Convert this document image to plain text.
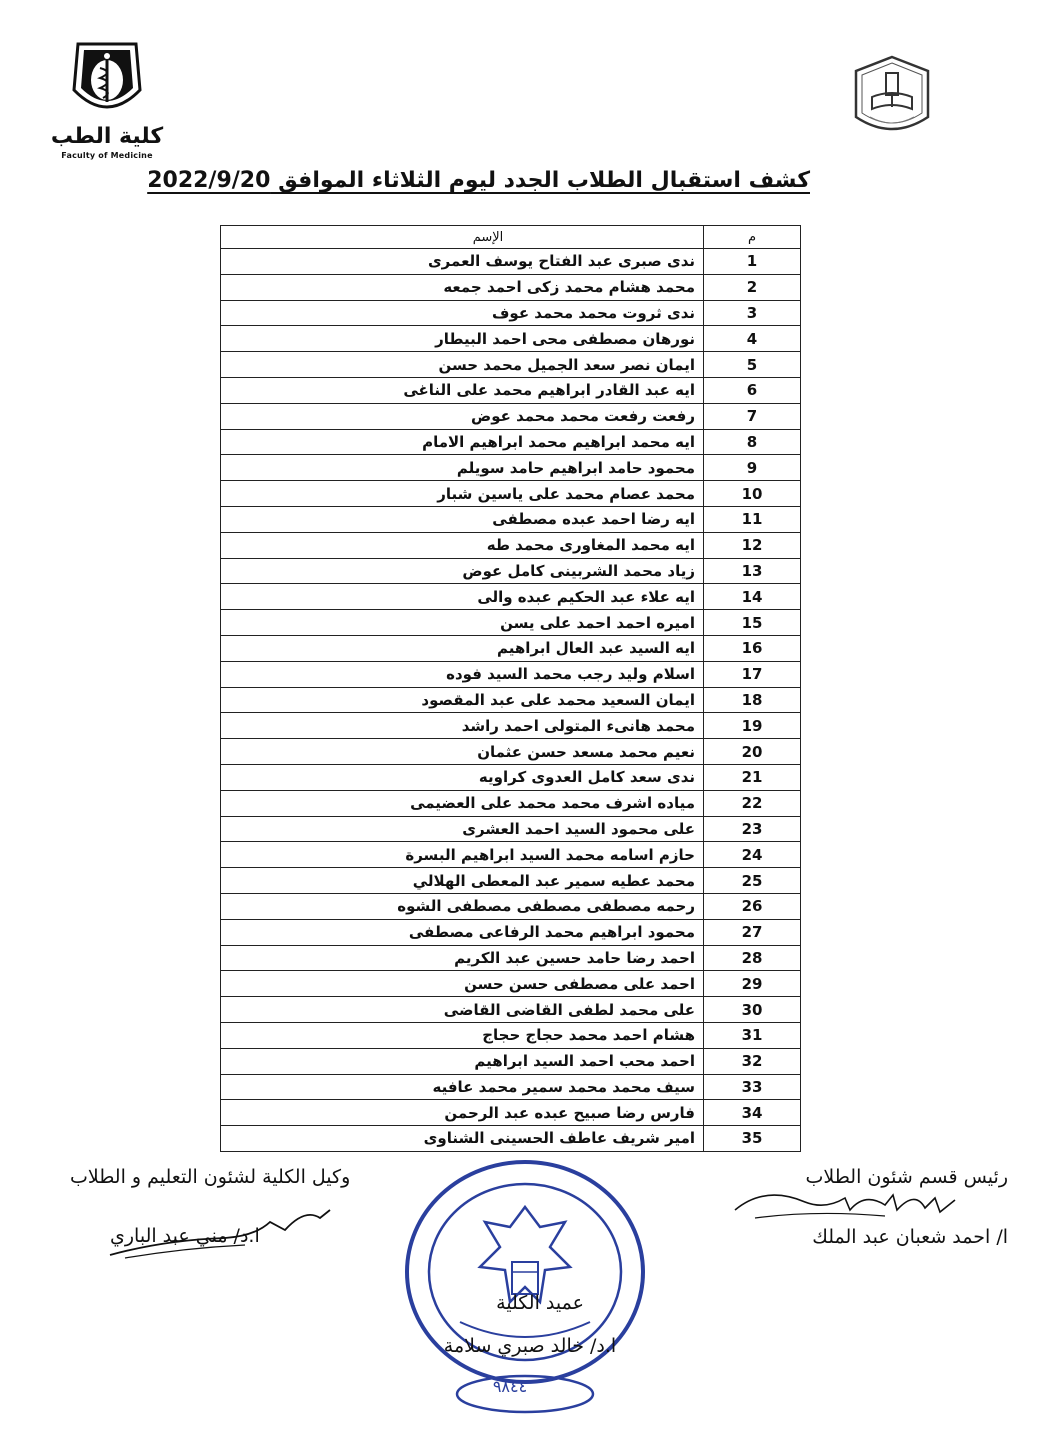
كلية الطب
Faculty of Medicine
كشف استقبال الطلاب الجدد ليوم الثلاثاء الموافق 2022/9/20
م	الإسم
1	ندى صبرى عبد الفتاح يوسف العمرى
2	محمد هشام محمد زكى احمد جمعه
3	ندى ثروت محمد محمد عوف
4	نورهان مصطفى محى احمد البيطار
5	ايمان نصر سعد الجميل محمد حسن
6	ايه عبد القادر ابراهيم محمد على الناغى
7	رفعت رفعت محمد محمد عوض
8	ايه محمد ابراهيم محمد ابراهيم الامام
9	محمود حامد ابراهيم حامد سويلم
10	محمد عصام محمد على ياسين شبار
11	ايه رضا احمد عبده مصطفى
12	ايه محمد المغاورى محمد طه
13	زياد محمد الشربينى كامل عوض
14	ايه علاء عبد الحكيم عبده والى
15	اميره احمد احمد على يسن
16	ايه السيد عبد العال ابراهيم
17	اسلام وليد رجب محمد السيد فوده
18	ايمان السعيد محمد على عبد المقصود
19	محمد هانىء المتولى احمد راشد
20	نعيم محمد مسعد حسن عثمان
21	ندى سعد كامل العدوى كراويه
22	مياده اشرف محمد محمد على العضيمى
23	على محمود السيد احمد العشرى
24	حازم اسامه محمد السيد ابراهيم البسرة
25	محمد عطيه سمير عبد المعطى الهلالي
26	رحمه مصطفى مصطفى مصطفى الشوه
27	محمود ابراهيم محمد الرفاعى مصطفى
28	احمد رضا حامد حسين عبد الكريم
29	احمد على مصطفى حسن حسن
30	على محمد لطفى القاضى القاضى
31	هشام احمد محمد حجاج حجاج
32	احمد محب احمد السيد ابراهيم
33	سيف محمد محمد سمير محمد عافيه
34	فارس رضا صبيح عبده عبد الرحمن
35	امير شريف عاطف الحسينى الشناوى
رئيس قسم شئون الطلاب
ا/ احمد شعبان عبد الملك
وكيل الكلية لشئون التعليم و الطلاب
ا.د/ مني عبد الباري
عميد الكلية
ا.د/ خالد صبري سلامة
٩٨٤٤
